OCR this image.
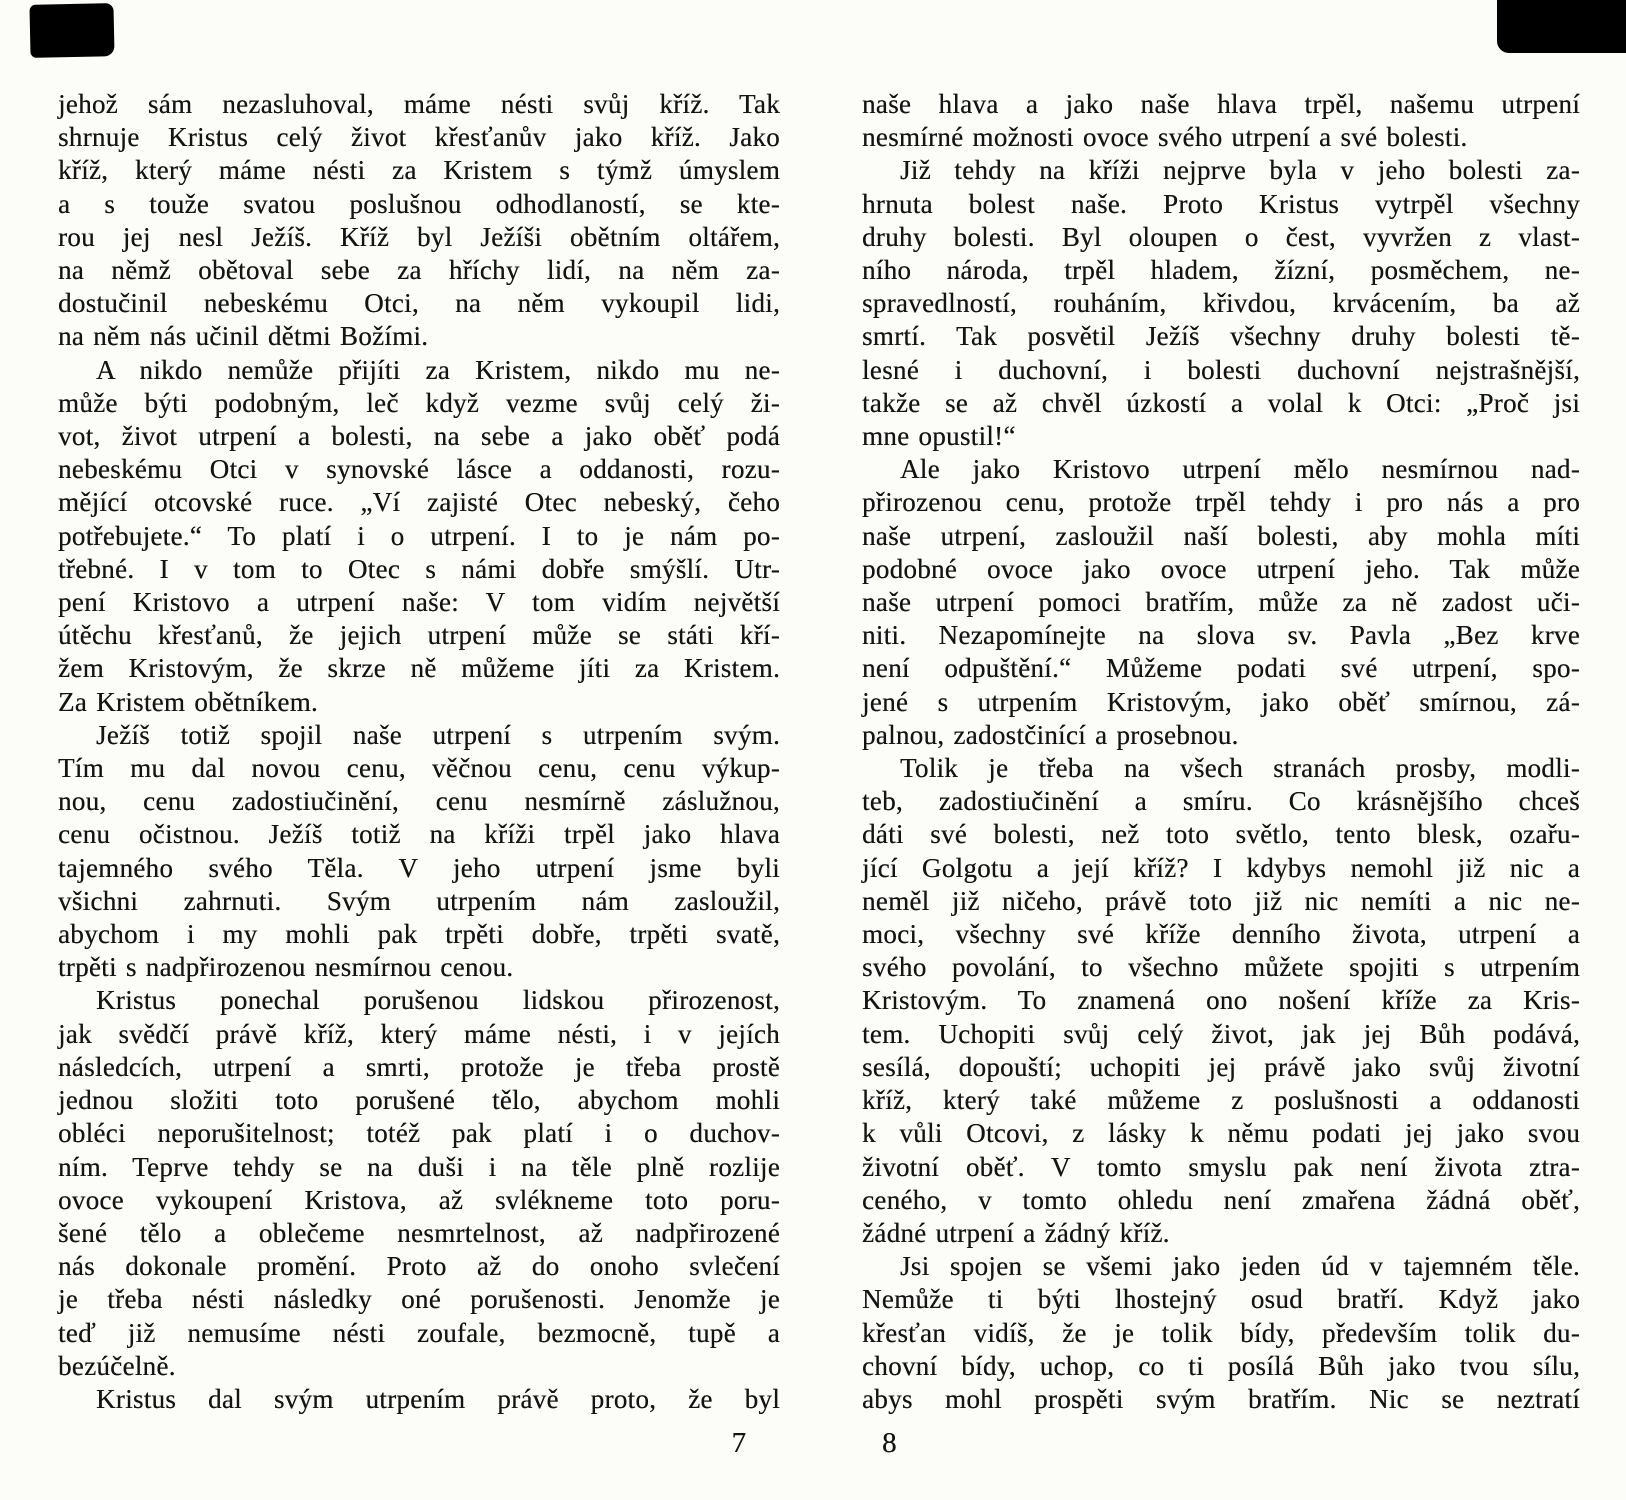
jehož sám nezasluhoval, máme nésti svůj kříž. Tak
shrnuje Kristus celý život křesťanův jako kříž. Jako
kříž, který máme nésti za Kristem s týmž úmyslem
a s touže svatou poslušnou odhodlaností, se kte-
rou jej nesl Ježíš. Kříž byl Ježíši obětním oltářem,
na němž obětoval sebe za hříchy lidí, na něm za-
dostučinil nebeskému Otci, na něm vykoupil lidi,
na něm nás učinil dětmi Božími.

A nikdo nemůže přijíti za Kristem, nikdo mu ne-
může býti podobným, leč když vezme svůj celý ži-
vot, život utrpení a bolesti, na sebe a jako oběť podá
nebeskému Otci v synovské lásce a oddanosti, rozu-
mějící otcovské ruce. „Ví zajisté Otec nebeský, čeho
potřebujete.“ To platí i o utrpení. I to je nám po-
třebné. I v tom to Otec s námi dobře smýšlí. Utr-
pení Kristovo a utrpení naše: V tom vidím největší
útěchu křesťanů, že jejich utrpení může se státi kří-
žem Kristovým, že skrze ně můžeme jíti za Kristem.
Za Kristem obětníkem.

Ježíš totiž spojil naše utrpení s utrpením svým.
Tím mu dal novou cenu, věčnou cenu, cenu výkup-
nou, cenu zadostiučinění, cenu nesmírně záslužnou,
cenu očistnou. Ježíš totiž na kříži trpěl jako hlava
tajemného svého Těla. V jeho utrpení jsme byli
všichni zahrnuti. Svým utrpením nám zasloužil,
abychom i my mohli pak trpěti dobře, trpěti svatě,
trpěti s nadpřirozenou nesmírnou cenou.

Kristus ponechal porušenou lidskou přirozenost,
jak svědčí právě kříž, který máme nésti, i v jejích
následcích, utrpení a smrti, protože je třeba prostě
jednou složiti toto porušené tělo, abychom mohli
obléci neporušitelnost; totéž pak platí i o duchov-
ním. Teprve tehdy se na duši i na těle plně rozlije
ovoce vykoupení Kristova, až svlékneme toto poru-
šené tělo a oblečeme nesmrtelnost, až nadpřirozené
nás dokonale promění. Proto až do onoho svlečení
je třeba nésti následky oné porušenosti. Jenomže je
teď již nemusíme nésti zoufale, bezmocně, tupě a
bezúčelně.

Kristus dal svým utrpením právě proto, že byl

7

naše hlava a jako naše hlava trpěl, našemu utrpení
nesmírné možnosti ovoce svého utrpení a své bolesti.

Již tehdy na kříži nejprve byla v jeho bolesti za-
hrnuta bolest naše. Proto Kristus vytrpěl všechny
druhy bolesti. Byl oloupen o čest, vyvržen z vlast-
ního národa, trpěl hladem, žízní, posměchem, ne-
spravedlností, rouháním, křivdou, krvácením, ba až
smrtí. Tak posvětil Ježíš všechny druhy bolesti tě-
lesné i duchovní, i bolesti duchovní nejstrašnější,
takže se až chvěl úzkostí a volal k Otci: „Proč jsi
mne opustil!“

Ale jako Kristovo utrpení mělo nesmírnou nad-
přirozenou cenu, protože trpěl tehdy i pro nás a pro
naše utrpení, zasloužil naší bolesti, aby mohla míti
podobné ovoce jako ovoce utrpení jeho. Tak může
naše utrpení pomoci bratřím, může za ně zadost uči-
niti. Nezapomínejte na slova sv. Pavla „Bez krve
není odpuštění.“ Můžeme podati své utrpení, spo-
jené s utrpením Kristovým, jako oběť smírnou, zá-
palnou, zadostčinící a prosebnou.

Tolik je třeba na všech stranách prosby, modli-
teb, zadostiučinění a smíru. Co krásnějšího chceš
dáti své bolesti, než toto světlo, tento blesk, ozařu-
jící Golgotu a její kříž? I kdybys nemohl již nic a
neměl již ničeho, právě toto již nic nemíti a nic ne-
moci, všechny své kříže denního života, utrpení a
svého povolání, to všechno můžete spojiti s utrpením
Kristovým. To znamená ono nošení kříže za Kris-
tem. Uchopiti svůj celý život, jak jej Bůh podává,
sesílá, dopouští; uchopiti jej právě jako svůj životní
kříž, který také můžeme z poslušnosti a oddanosti
k vůli Otcovi, z lásky k němu podati jej jako svou
životní oběť. V tomto smyslu pak není života ztra-
ceného, v tomto ohledu není zmařena žádná oběť,
žádné utrpení a žádný kříž.

Jsi spojen se všemi jako jeden úd v tajemném těle.
Nemůže ti býti lhostejný osud bratří. Když jako
křesťan vidíš, že je tolik bídy, především tolik du-
chovní bídy, uchop, co ti posílá Bůh jako tvou sílu,
abys mohl prospěti svým bratřím. Nic se neztratí

8
